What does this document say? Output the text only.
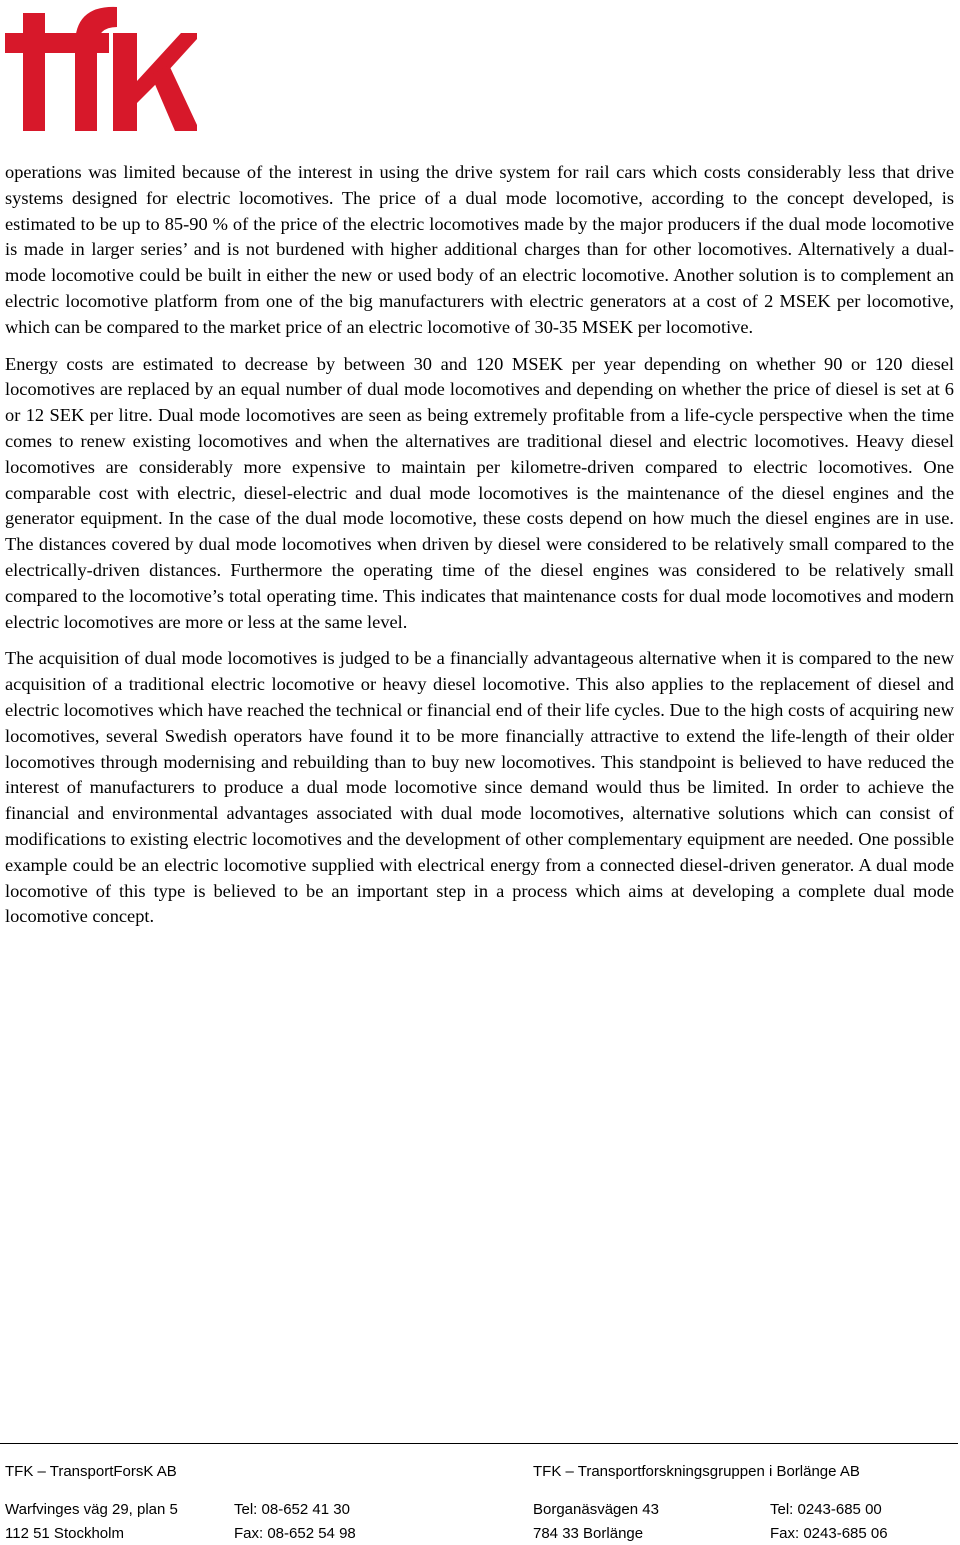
operations was limited because of the interest in using the drive system for rail cars which costs considerably less that drive systems designed for electric locomotives. The price of a dual mode locomotive, according to the concept developed, is estimated to be up to 85-90 % of the price of the electric locomotives made by the major producers if the dual mode locomotive is made in larger series’ and is not burdened with higher additional charges than for other locomotives. Alternatively a dual-mode locomotive could be built in either the new or used body of an electric locomotive. Another solution is to complement an electric locomotive platform from one of the big manufacturers with electric generators at a cost of 2 MSEK per locomotive, which can be compared to the market price of an electric locomotive of 30-35 MSEK per locomotive.

Energy costs are estimated to decrease by between 30 and 120 MSEK per year depending on whether 90 or 120 diesel locomotives are replaced by an equal number of dual mode locomotives and depending on whether the price of diesel is set at 6 or 12 SEK per litre. Dual mode locomotives are seen as being extremely profitable from a life-cycle perspective when the time comes to renew existing locomotives and when the alternatives are traditional diesel and electric locomotives. Heavy diesel locomotives are considerably more expensive to maintain per kilometre-driven compared to electric locomotives. One comparable cost with electric, diesel-electric and dual mode locomotives is the maintenance of the diesel engines and the generator equipment. In the case of the dual mode locomotive, these costs depend on how much the diesel engines are in use. The distances covered by dual mode locomotives when driven by diesel were considered to be relatively small compared to the electrically-driven distances. Furthermore the operating time of the diesel engines was considered to be relatively small compared to the locomotive’s total operating time. This indicates that maintenance costs for dual mode locomotives and modern electric locomotives are more or less at the same level.

The acquisition of dual mode locomotives is judged to be a financially advantageous alternative when it is compared to the new acquisition of a traditional electric locomotive or heavy diesel locomotive. This also applies to the replacement of diesel and electric locomotives which have reached the technical or financial end of their life cycles. Due to the high costs of acquiring new locomotives, several Swedish operators have found it to be more financially attractive to extend the life-length of their older locomotives through modernising and rebuilding than to buy new locomotives. This standpoint is believed to have reduced the interest of manufacturers to produce a dual mode locomotive since demand would thus be limited. In order to achieve the financial and environmental advantages associated with dual mode locomotives, alternative solutions which can consist of modifications to existing electric locomotives and the development of other complementary equipment are needed. One possible example could be an electric locomotive supplied with electrical energy from a connected diesel-driven generator. A dual mode locomotive of this type is believed to be an important step in a process which aims at developing a complete dual mode locomotive concept.

TFK – TransportForsK AB
Warfvinges väg 29, plan 5
112 51 Stockholm
Tel: 08-652 41 30
Fax: 08-652 54 98
TFK – Transportforskningsgruppen i Borlänge AB
Borganäsvägen 43
784 33 Borlänge
Tel: 0243-685 00
Fax: 0243-685 06
